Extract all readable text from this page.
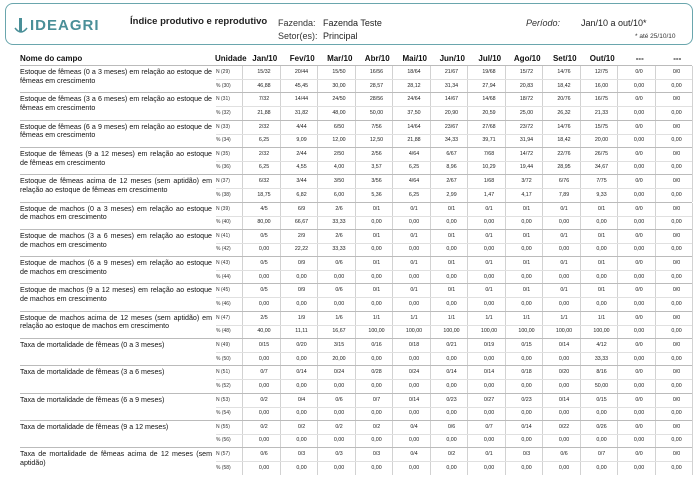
IDEAGRI	Índice produtivo e reprodutivo Fazenda: Fazenda Teste
Setor(es): Principal
Período: Jan/10 a out/10*
* até 25/10/10
Nome do campo	Unidade Jan/10	Fev/10	Mar/10	Abr/10	Mai/10	Jun/10	Jul/10	Ago/10	Set/10	Out/10	---	---
Estoque de fêmeas (0 a 3 meses) em relação ao estoque de fêmeas em crescimento
N (29)	15/32	20/44	15/50	16/56	18/64	21/67	19/68	15/72	14/76	12/75	0/0	0/0
% (30)	46,88	45,45	30,00	28,57	28,12	31,34	27,94	20,83	18,42	16,00	0,00	0,00
Estoque de fêmeas (3 a 6 meses) em relação ao estoque de fêmeas em crescimento
N (31)	7/32	14/44	24/50	28/56	24/64	14/67	14/68	18/72	20/76	16/75	0/0	0/0
% (32)	21,88	31,82	48,00	50,00	37,50	20,90	20,59	25,00	26,32	21,33	0,00	0,00
Estoque de fêmeas (6 a 9 meses) em relação ao estoque de fêmeas em crescimento
N (33)	2/32	4/44	6/50	7/56	14/64	23/67	27/68	23/72	14/76	15/75	0/0	0/0
% (34)	6,25	9,09	12,00	12,50	21,88	34,33	39,71	31,94	18,42	20,00	0,00	0,00
Estoque de fêmeas (9 a 12 meses) em relação ao estoque de fêmeas em crescimento
N (35)	2/32	2/44	2/50	2/56	4/64	6/67	7/68	14/72	22/76	26/75	0/0	0/0
% (36)	6,25	4,55	4,00	3,57	6,25	8,96	10,29	19,44	28,95	34,67	0,00	0,00
Estoque de fêmeas acima de 12 meses (sem aptidão) em relação ao estoque de fêmeas em crescimento
N (37)	6/32	3/44	3/50	3/56	4/64	2/67	1/68	3/72	6/76	7/75	0/0	0/0
% (38)	18,75	6,82	6,00	5,36	6,25	2,99	1,47	4,17	7,89	9,33	0,00	0,00
Estoque de machos (0 a 3 meses) em relação ao estoque de machos em crescimento
N (39)	4/5	6/9	2/6	0/1	0/1	0/1	0/1	0/1	0/1	0/1	0/0	0/0
% (40)	80,00	66,67	33,33	0,00	0,00	0,00	0,00	0,00	0,00	0,00	0,00	0,00
Estoque de machos (3 a 6 meses) em relação ao estoque de machos em crescimento
N (41)	0/5	2/9	2/6	0/1	0/1	0/1	0/1	0/1	0/1	0/1	0/0	0/0
% (42)	0,00	22,22	33,33	0,00	0,00	0,00	0,00	0,00	0,00	0,00	0,00	0,00
Estoque de machos (6 a 9 meses) em relação ao estoque de machos em crescimento
N (43)	0/5	0/9	0/6	0/1	0/1	0/1	0/1	0/1	0/1	0/1	0/0	0/0
% (44)	0,00	0,00	0,00	0,00	0,00	0,00	0,00	0,00	0,00	0,00	0,00	0,00
Estoque de machos (9 a 12 meses) em relação ao estoque de machos em crescimento
N (45)	0/5	0/9	0/6	0/1	0/1	0/1	0/1	0/1	0/1	0/1	0/0	0/0
% (46)	0,00	0,00	0,00	0,00	0,00	0,00	0,00	0,00	0,00	0,00	0,00	0,00
Estoque de machos acima de 12 meses (sem aptidão) em relação ao estoque de machos em crescimento
N (47)	2/5	1/9	1/6	1/1	1/1	1/1	1/1	1/1	1/1	1/1	0/0	0/0
% (48)	40,00	11,11	16,67	100,00	100,00	100,00	100,00	100,00	100,00	100,00	0,00	0,00
Taxa de mortalidade de fêmeas (0 a 3 meses)	N (49)	0/15	0/20	3/15	0/16	0/18	0/21	0/19	0/15	0/14	4/12	0/0	0/0
% (50)	0,00	0,00	20,00	0,00	0,00	0,00	0,00	0,00	0,00	33,33	0,00	0,00
Taxa de mortalidade de fêmeas (3 a 6 meses)	N (51)	0/7	0/14	0/24	0/28	0/24	0/14	0/14	0/18	0/20	8/16	0/0	0/0
% (52)	0,00	0,00	0,00	0,00	0,00	0,00	0,00	0,00	0,00	50,00	0,00	0,00
Taxa de mortalidade de fêmeas (6 a 9 meses)	N (53)	0/2	0/4	0/6	0/7	0/14	0/23	0/27	0/23	0/14	0/15	0/0	0/0
% (54)	0,00	0,00	0,00	0,00	0,00	0,00	0,00	0,00	0,00	0,00	0,00	0,00
Taxa de mortalidade de fêmeas (9 a 12 meses)	N (55)	0/2	0/2	0/2	0/2	0/4	0/6	0/7	0/14	0/22	0/26	0/0	0/0
% (56)	0,00	0,00	0,00	0,00	0,00	0,00	0,00	0,00	0,00	0,00	0,00	0,00
Taxa de mortalidade de fêmeas acima de 12 meses (sem aptidão)
N (57)	0/6	0/3	0/3	0/3	0/4	0/2	0/1	0/3	0/6	0/7	0/0	0/0
% (58)	0,00	0,00	0,00	0,00	0,00	0,00	0,00	0,00	0,00	0,00	0,00	0,00
